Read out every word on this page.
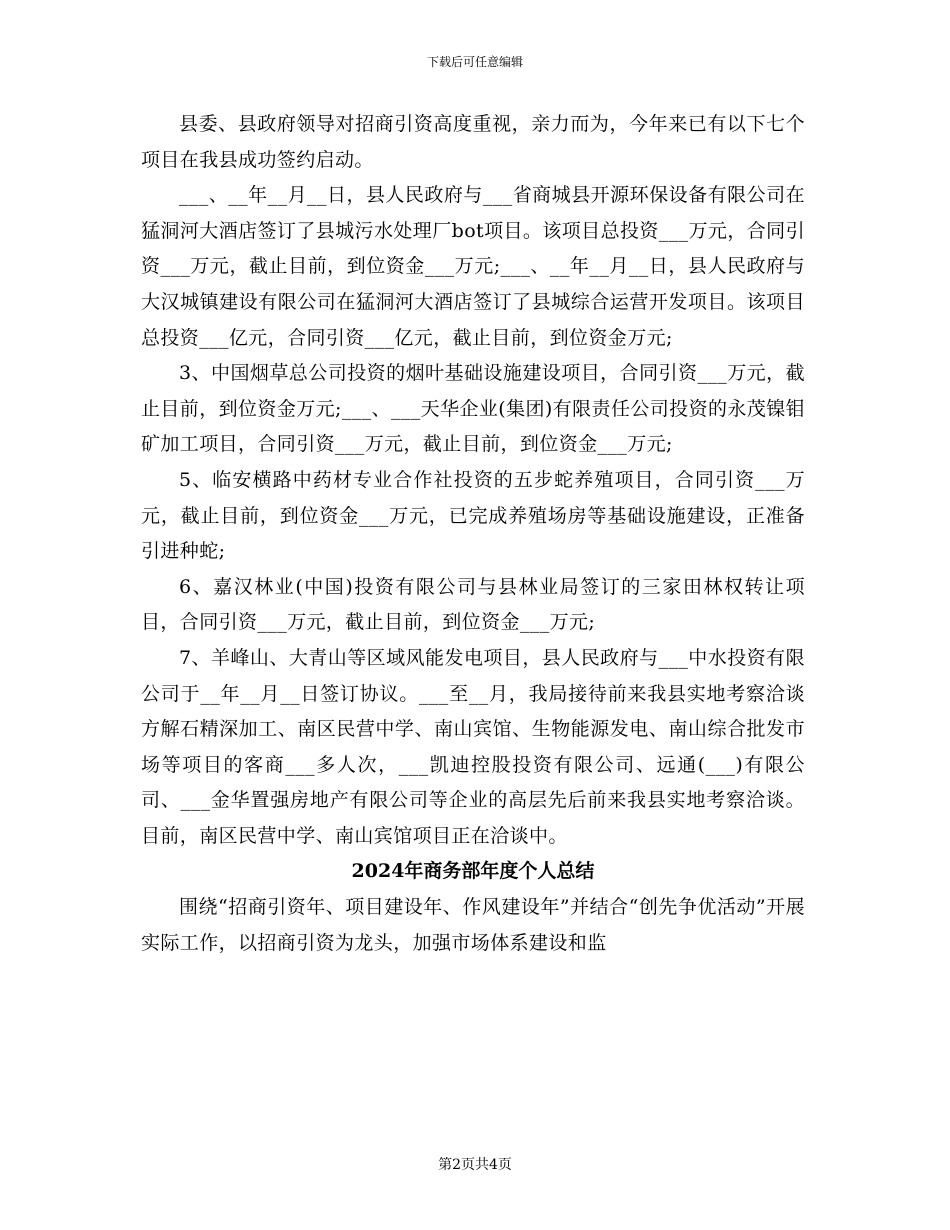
下载后可任意编辑

县委、县政府领导对招商引资高度重视，亲力而为，今年来已有以下七个项目在我县成功签约启动。

___、__年__月__日，县人民政府与___省商城县开源环保设备有限公司在猛洞河大酒店签订了县城污水处理厂bot项目。该项目总投资___万元，合同引资___万元，截止目前，到位资金___万元;___、__年__月__日，县人民政府与大汉城镇建设有限公司在猛洞河大酒店签订了县城综合运营开发项目。该项目总投资___亿元，合同引资___亿元，截止目前，到位资金万元;

3、中国烟草总公司投资的烟叶基础设施建设项目，合同引资___万元，截止目前，到位资金万元;___、___天华企业(集团)有限责任公司投资的永茂镍钼矿加工项目，合同引资___万元，截止目前，到位资金___万元;

5、临安横路中药材专业合作社投资的五步蛇养殖项目，合同引资___万元，截止目前，到位资金___万元，已完成养殖场房等基础设施建设，正准备引进种蛇;

6、嘉汉林业(中国)投资有限公司与县林业局签订的三家田林权转让项目，合同引资___万元，截止目前，到位资金___万元;

7、羊峰山、大青山等区域风能发电项目，县人民政府与___中水投资有限公司于__年__月__日签订协议。___至__月，我局接待前来我县实地考察洽谈方解石精深加工、南区民营中学、南山宾馆、生物能源发电、南山综合批发市场等项目的客商___多人次，___凯迪控股投资有限公司、远通(___)有限公司、___金华置强房地产有限公司等企业的高层先后前来我县实地考察洽谈。目前，南区民营中学、南山宾馆项目正在洽谈中。

2024年商务部年度个人总结

围绕“招商引资年、项目建设年、作风建设年”并结合“创先争优活动”开展实际工作，以招商引资为龙头，加强市场体系建设和监

第2页共4页
